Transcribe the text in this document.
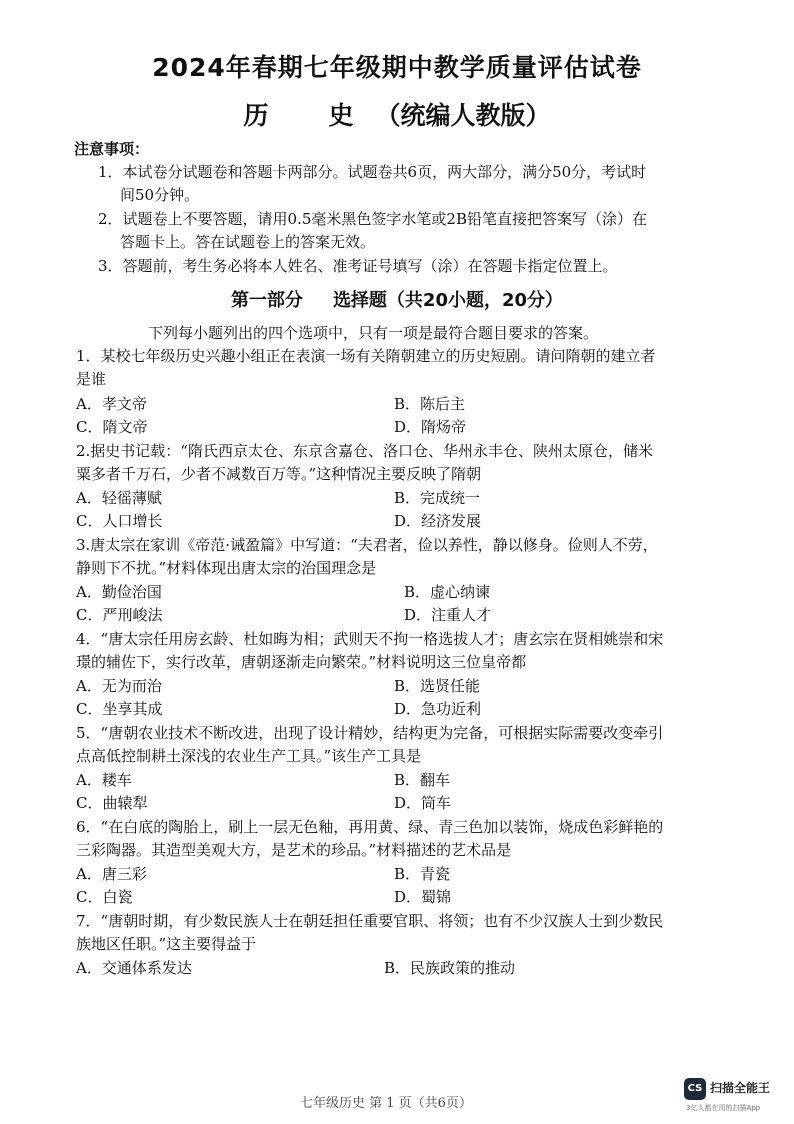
2024年春期七年级期中教学质量评估试卷
历 史 （统编人教版）
注意事项：
1．本试卷分试题卷和答题卡两部分。试题卷共6页，两大部分，满分50分，考试时
间50分钟。
2．试题卷上不要答题，请用0.5毫米黑色签字水笔或2B铅笔直接把答案写（涂）在
答题卡上。答在试题卷上的答案无效。
3．答题前，考生务必将本人姓名、准考证号填写（涂）在答题卡指定位置上。
第一部分 选择题（共20小题，20分）
下列每小题列出的四个选项中，只有一项是最符合题目要求的答案。
1．某校七年级历史兴趣小组正在表演一场有关隋朝建立的历史短剧。请问隋朝的建立者
是谁
A．孝文帝	B．陈后主
C．隋文帝	D．隋炀帝
2.据史书记载：“隋氏西京太仓、东京含嘉仓、洛口仓、华州永丰仓、陕州太原仓，储米
粟多者千万石，少者不减数百万等。”这种情况主要反映了隋朝
A．轻徭薄赋	B．完成统一
C．人口增长	D．经济发展
3.唐太宗在家训《帝范·诫盈篇》中写道：“夫君者，俭以养性，静以修身。俭则人不劳，
静则下不扰。”材料体现出唐太宗的治国理念是
A．勤俭治国	B．虚心纳谏
C．严刑峻法	D．注重人才
4．“唐太宗任用房玄龄、杜如晦为相；武则天不拘一格选拔人才；唐玄宗在贤相姚崇和宋
璟的辅佐下，实行改革，唐朝逐渐走向繁荣。”材料说明这三位皇帝都
A．无为而治	B．选贤任能
C．坐享其成	D．急功近利
5．“唐朝农业技术不断改进，出现了设计精妙，结构更为完备，可根据实际需要改变牵引
点高低控制耕土深浅的农业生产工具。”该生产工具是
A．耧车	B．翻车
C．曲辕犁	D．筒车
6．“在白底的陶胎上，刷上一层无色釉，再用黄、绿、青三色加以装饰，烧成色彩鲜艳的
三彩陶器。其造型美观大方，是艺术的珍品。”材料描述的艺术品是
A．唐三彩	B．青瓷
C．白瓷	D．蜀锦
7．“唐朝时期，有少数民族人士在朝廷担任重要官职、将领；也有不少汉族人士到少数民
族地区任职。”这主要得益于
A．交通体系发达	B．民族政策的推动
七年级历史 第 1 页（共6页）
CS 扫描全能王
3亿人都在用的扫描App
